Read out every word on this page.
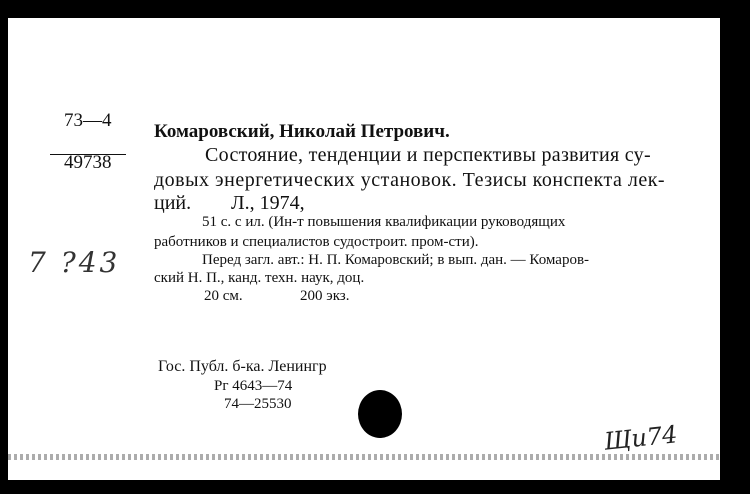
73—4
49738
Комаровский, Николай Петрович.
Состояние, тенденции и перспективы развития су-
довых энергетических установок. Тезисы конспекта лек-
ций. Л., 1974,
51 с. с ил. (Ин-т повышения квалификации руководящих
работников и специалистов судострoит. пром-сти).
Перед загл. авт.: Н. П. Комаровский; в вып. дан. — Комаров-
ский Н. П., канд. техн. наук, доц.
20 см.	200 экз.
Гос. Публ. б-ка. Ленингр
Рг 4643—74
74—25530
7 ?43
Щи74
